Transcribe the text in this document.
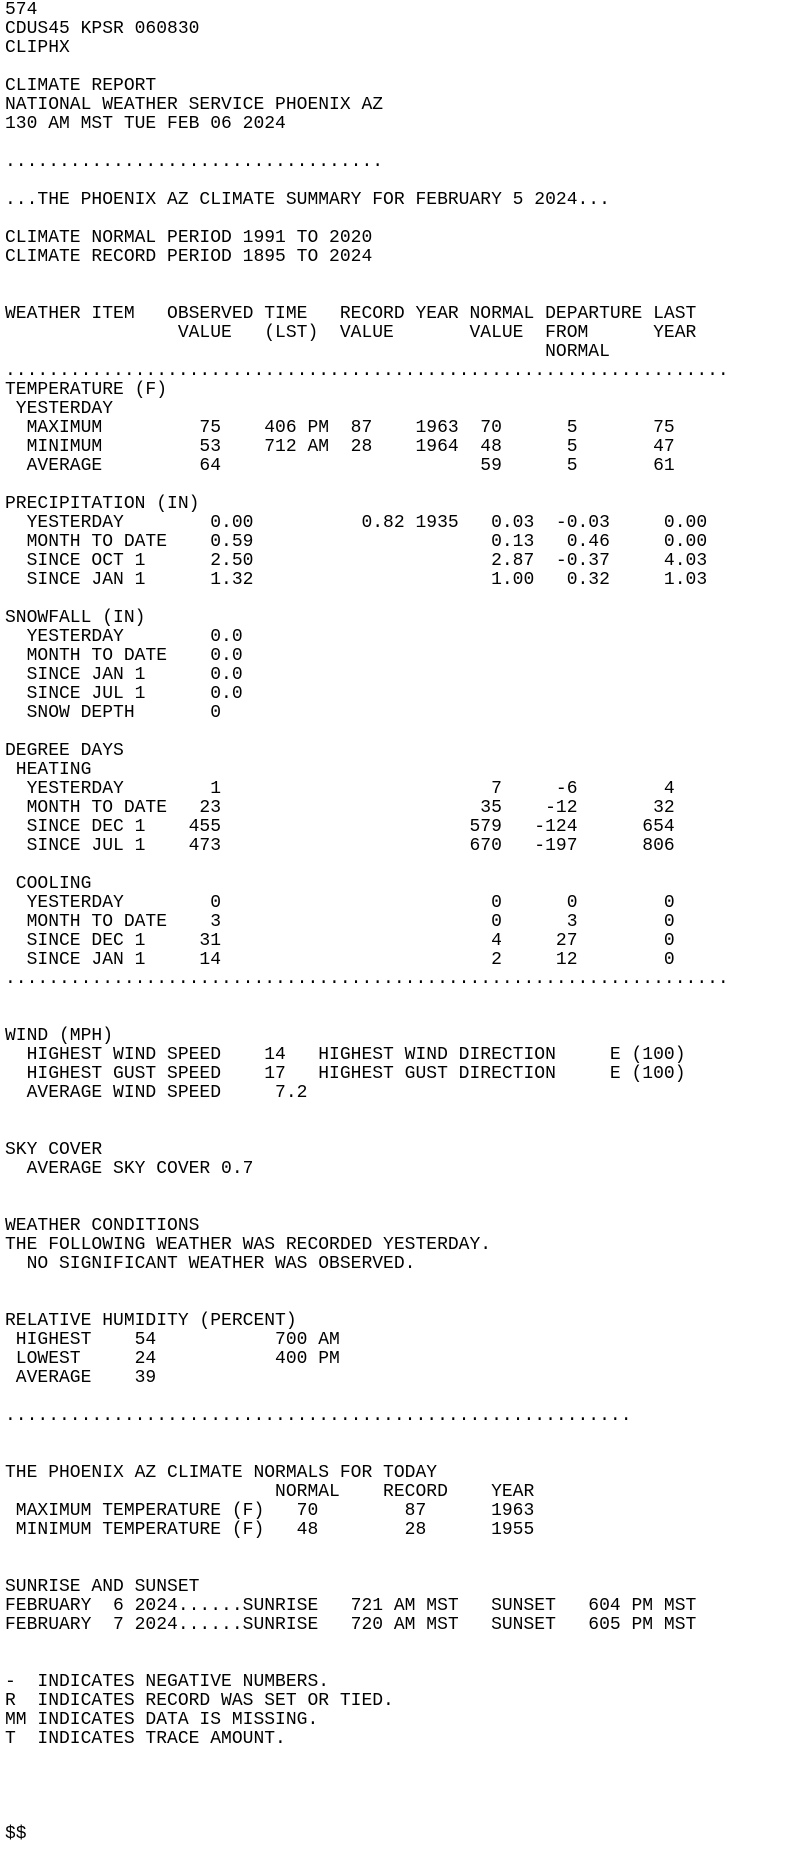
574
CDUS45 KPSR 060830
CLIPHX
CLIMATE REPORT
NATIONAL WEATHER SERVICE PHOENIX AZ
130 AM MST TUE FEB 06 2024
...................................
...THE PHOENIX AZ CLIMATE SUMMARY FOR FEBRUARY 5 2024...
CLIMATE NORMAL PERIOD 1991 TO 2020
CLIMATE RECORD PERIOD 1895 TO 2024
WEATHER ITEM   OBSERVED TIME   RECORD YEAR NORMAL DEPARTURE LAST
VALUE   (LST)  VALUE       VALUE  FROM      YEAR
NORMAL
...................................................................
TEMPERATURE (F)
YESTERDAY
MAXIMUM         75    406 PM  87    1963  70      5       75
MINIMUM         53    712 AM  28    1964  48      5       47
AVERAGE         64                        59      5       61
PRECIPITATION (IN)
YESTERDAY        0.00          0.82 1935   0.03  -0.03     0.00
MONTH TO DATE    0.59                      0.13   0.46     0.00
SINCE OCT 1      2.50                      2.87  -0.37     4.03
SINCE JAN 1      1.32                      1.00   0.32     1.03
SNOWFALL (IN)
YESTERDAY        0.0
MONTH TO DATE    0.0
SINCE JAN 1      0.0
SINCE JUL 1      0.0
SNOW DEPTH       0
DEGREE DAYS
HEATING
YESTERDAY        1                         7     -6        4
MONTH TO DATE   23                        35    -12       32
SINCE DEC 1    455                       579   -124      654
SINCE JUL 1    473                       670   -197      806
COOLING
YESTERDAY        0                         0      0        0
MONTH TO DATE    3                         0      3        0
SINCE DEC 1     31                         4     27        0
SINCE JAN 1     14                         2     12        0
...................................................................
WIND (MPH)
HIGHEST WIND SPEED    14   HIGHEST WIND DIRECTION     E (100)
HIGHEST GUST SPEED    17   HIGHEST GUST DIRECTION     E (100)
AVERAGE WIND SPEED     7.2
SKY COVER
AVERAGE SKY COVER 0.7
WEATHER CONDITIONS
THE FOLLOWING WEATHER WAS RECORDED YESTERDAY.
NO SIGNIFICANT WEATHER WAS OBSERVED.
RELATIVE HUMIDITY (PERCENT)
HIGHEST    54           700 AM
LOWEST     24           400 PM
AVERAGE    39
..........................................................
THE PHOENIX AZ CLIMATE NORMALS FOR TODAY
NORMAL    RECORD    YEAR
MAXIMUM TEMPERATURE (F)   70        87      1963
MINIMUM TEMPERATURE (F)   48        28      1955
SUNRISE AND SUNSET
FEBRUARY  6 2024......SUNRISE   721 AM MST   SUNSET   604 PM MST
FEBRUARY  7 2024......SUNRISE   720 AM MST   SUNSET   605 PM MST
-  INDICATES NEGATIVE NUMBERS.
R  INDICATES RECORD WAS SET OR TIED.
MM INDICATES DATA IS MISSING.
T  INDICATES TRACE AMOUNT.
$$
